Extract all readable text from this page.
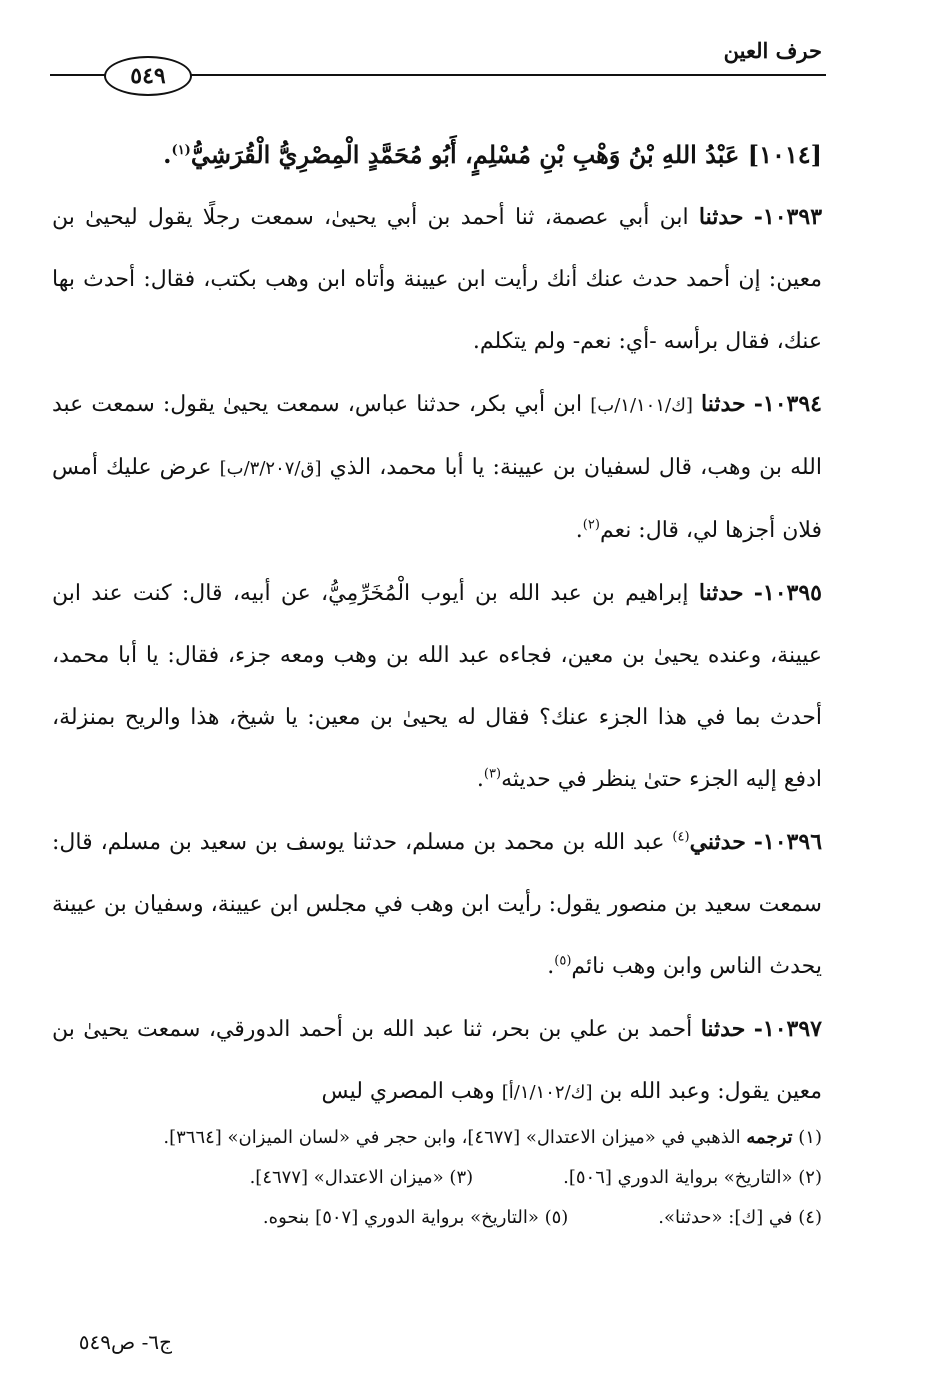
حرف العين
٥٤٩

[١٠١٤] عَبْدُ اللهِ بْنُ وَهْبِ بْنِ مُسْلِمٍ، أَبُو مُحَمَّدٍ الْمِصْرِيُّ الْقُرَشِيُّ$^{(١)}$.

١٠٣٩٣- حدثنا ابن أبي عصمة، ثنا أحمد بن أبي يحيىٰ، سمعت رجلًا يقول ليحيىٰ بن معين: إن أحمد حدث عنك أنك رأيت ابن عيينة وأتاه ابن وهب بكتب، فقال: أحدث بها عنك، فقال برأسه -أي: نعم- ولم يتكلم.

١٠٣٩٤- حدثنا [ك/١/١٠١/ب] ابن أبي بكر، حدثنا عباس، سمعت يحيىٰ يقول: سمعت عبد الله بن وهب، قال لسفيان بن عيينة: يا أبا محمد، الذي [ق/٣/٢٠٧/ب] عرض عليك أمس فلان أجزها لي، قال: نعم$^{(٢)}$.

١٠٣٩٥- حدثنا إبراهيم بن عبد الله بن أيوب الْمُخَرِّمِيُّ، عن أبيه، قال: كنت عند ابن عيينة، وعنده يحيىٰ بن معين، فجاءه عبد الله بن وهب ومعه جزء، فقال: يا أبا محمد، أحدث بما في هذا الجزء عنك؟ فقال له يحيىٰ بن معين: يا شيخ، هذا والريح بمنزلة، ادفع إليه الجزء حتىٰ ينظر في حديثه$^{(٣)}$.

١٠٣٩٦- حدثني$^{(٤)}$ عبد الله بن محمد بن مسلم، حدثنا يوسف بن سعيد بن مسلم، قال: سمعت سعيد بن منصور يقول: رأيت ابن وهب في مجلس ابن عيينة، وسفيان بن عيينة يحدث الناس وابن وهب نائم$^{(٥)}$.

١٠٣٩٧- حدثنا أحمد بن علي بن بحر، ثنا عبد الله بن أحمد الدورقي، سمعت يحيىٰ بن معين يقول: وعبد الله بن [ك/١/١٠٢/أ] وهب المصري ليس

(١) ترجمه الذهبي في «ميزان الاعتدال» [٤٦٧٧]، وابن حجر في «لسان الميزان» [٣٦٦٤].
(٢) «التاريخ» برواية الدوري [٥٠٦].
(٣) «ميزان الاعتدال» [٤٦٧٧].
(٤) في [ك]: «حدثنا».
(٥) «التاريخ» برواية الدوري [٥٠٧] بنحوه.
ج٦- ص٥٤٩
